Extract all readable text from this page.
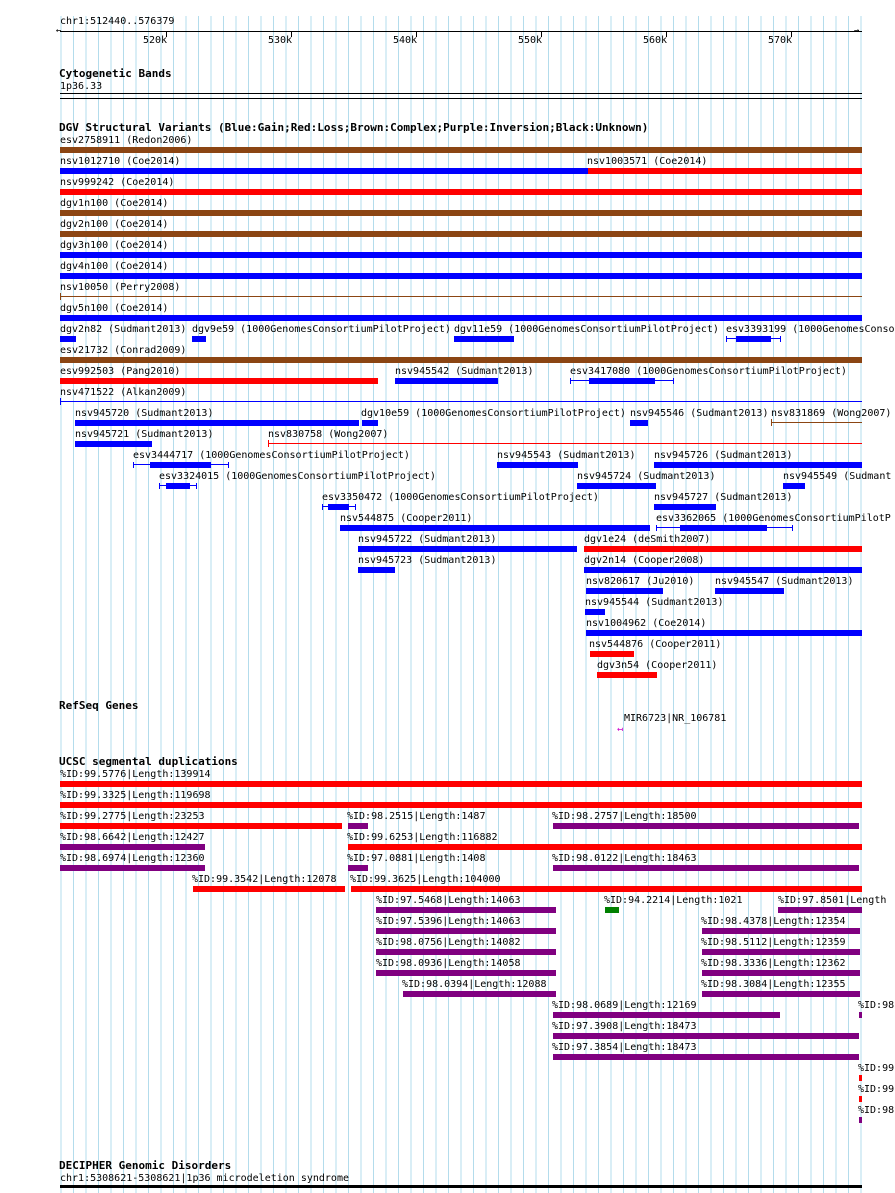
chr1:512440..576379
←	→
520k	530k	540k	550k	560k	570k
Cytogenetic Bands
1p36.33
DGV Structural Variants (Blue:Gain;Red:Loss;Brown:Complex;Purple:Inversion;Black:Unknown)
esv2758911 (Redon2006)
nsv1012710 (Coe2014)	nsv1003571 (Coe2014)
nsv999242 (Coe2014)
dgv1n100 (Coe2014)
dgv2n100 (Coe2014)
dgv3n100 (Coe2014)
dgv4n100 (Coe2014)
nsv10050 (Perry2008)
dgv5n100 (Coe2014)
dgv2n82 (Sudmant2013) dgv9e59 (1000GenomesConsortiumPilotProject) dgv11e59 (1000GenomesConsortiumPilotProject) esv3393199 (1000GenomesConso
esv21732 (Conrad2009)
esv992503 (Pang2010)	nsv945542 (Sudmant2013)	esv3417080 (1000GenomesConsortiumPilotProject)
nsv471522 (Alkan2009)
nsv945720 (Sudmant2013)	dgv10e59 (1000GenomesConsortiumPilotProject) nsv945546 (Sudmant2013) nsv831869 (Wong2007)
nsv945721 (Sudmant2013)	nsv830758 (Wong2007)
esv3444717 (1000GenomesConsortiumPilotProject)	nsv945543 (Sudmant2013) nsv945726 (Sudmant2013)
esv3324015 (1000GenomesConsortiumPilotProject)	nsv945724 (Sudmant2013)	nsv945549 (Sudmant
esv3350472 (1000GenomesConsortiumPilotProject)	nsv945727 (Sudmant2013)
nsv544875 (Cooper2011)	esv3362065 (1000GenomesConsortiumPilotP
nsv945722 (Sudmant2013)	dgv1e24 (deSmith2007)
nsv945723 (Sudmant2013)	dgv2n14 (Cooper2008)
nsv820617 (Ju2010) nsv945547 (Sudmant2013)
nsv945544 (Sudmant2013)
nsv1004962 (Coe2014)
nsv544876 (Cooper2011)
dgv3n54 (Cooper2011)
RefSeq Genes
MIR6723|NR_106781
↤
UCSC segmental duplications
%ID:99.5776|Length:139914
%ID:99.3325|Length:119698
%ID:99.2775|Length:23253	%ID:98.2515|Length:1487	%ID:98.2757|Length:18500
%ID:98.6642|Length:12427	%ID:99.6253|Length:116882
%ID:98.6974|Length:12360	%ID:97.0881|Length:1408	%ID:98.0122|Length:18463
%ID:99.3542|Length:12078 %ID:99.3625|Length:104000
%ID:97.5468|Length:14063	%ID:94.2214|Length:1021	%ID:97.8501|Length
%ID:97.5396|Length:14063	%ID:98.4378|Length:12354
%ID:98.0756|Length:14082	%ID:98.5112|Length:12359
%ID:98.0936|Length:14058	%ID:98.3336|Length:12362
%ID:98.0394|Length:12088	%ID:98.3084|Length:12355
%ID:98.0689|Length:12169	%ID:98
%ID:97.3908|Length:18473
%ID:97.3854|Length:18473
%ID:99
%ID:99
%ID:98
DECIPHER Genomic Disorders
chr1:5308621-5308621|1p36 microdeletion syndrome
